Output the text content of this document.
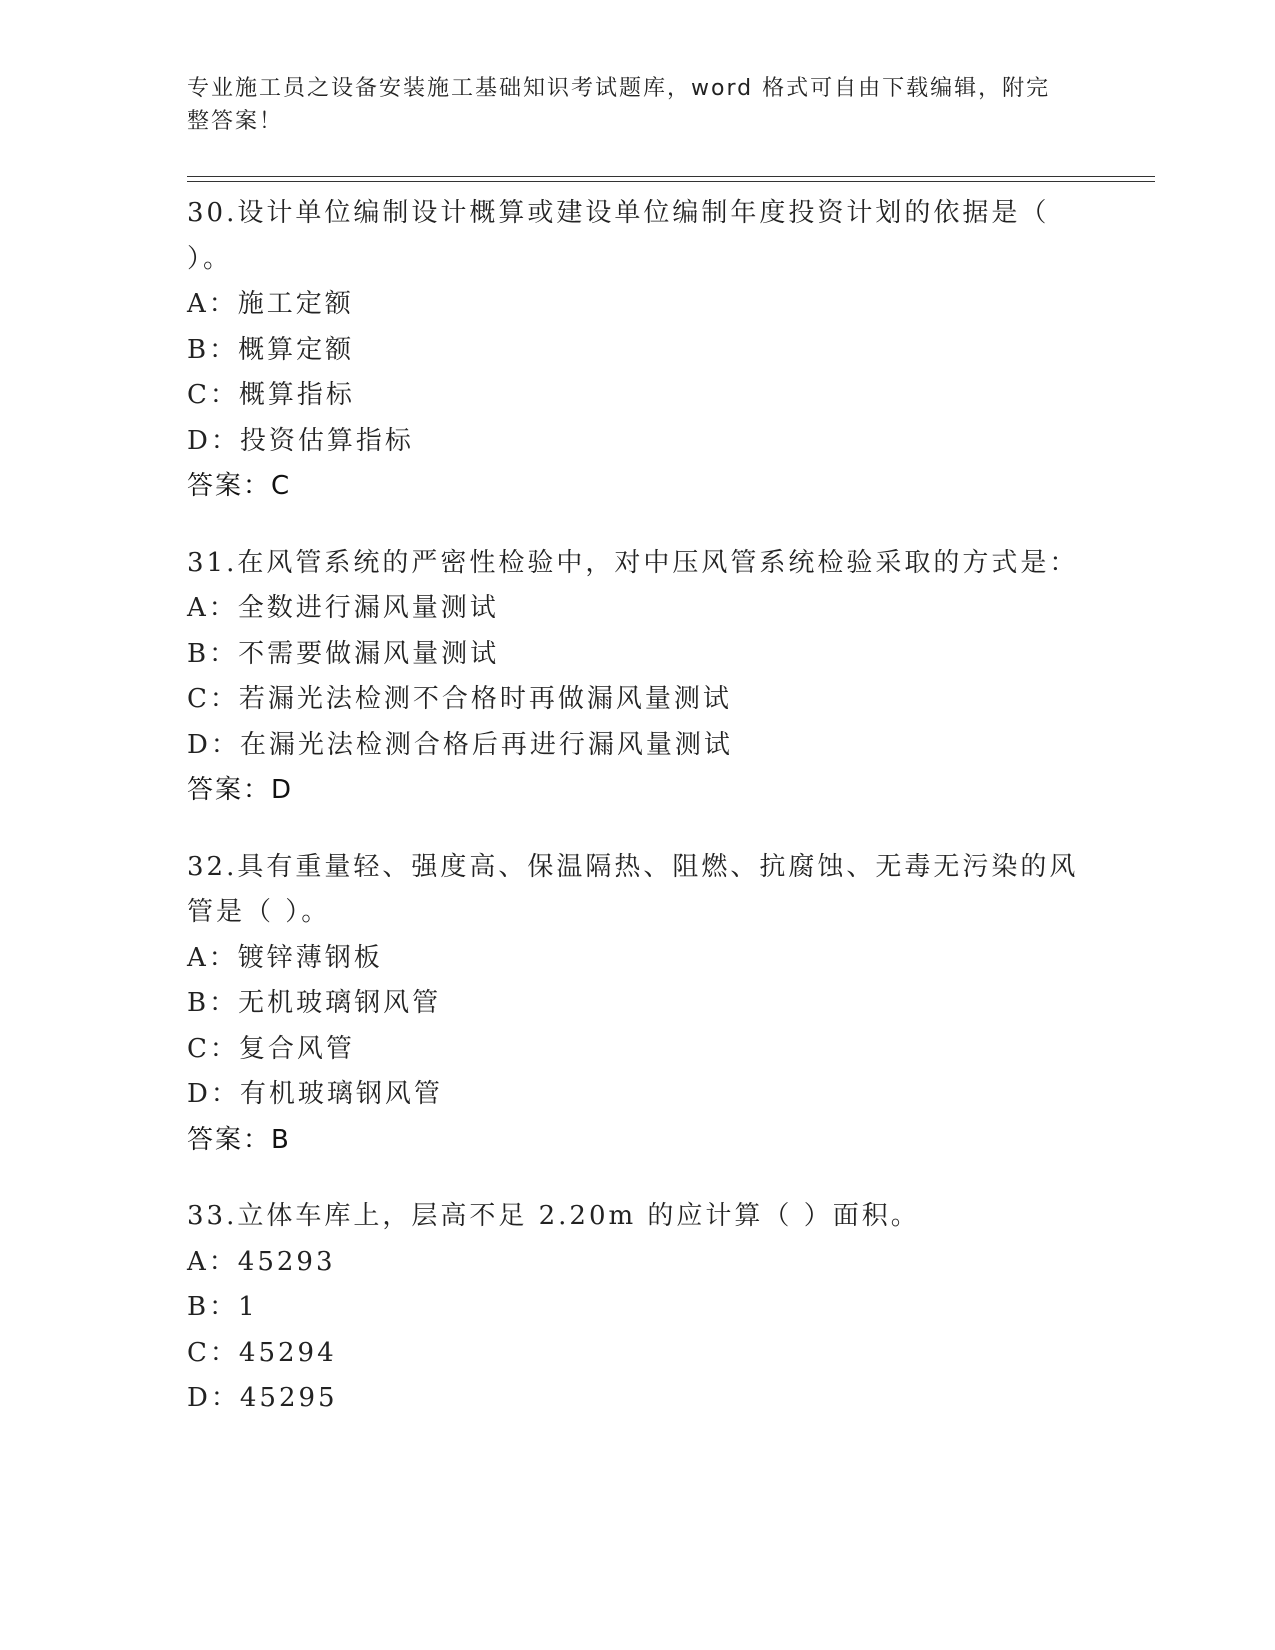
专业施工员之设备安装施工基础知识考试题库，word 格式可自由下载编辑，附完
整答案！
30.设计单位编制设计概算或建设单位编制年度投资计划的依据是（
）。
A：施工定额
B：概算定额
C：概算指标
D：投资估算指标
答案：C
31.在风管系统的严密性检验中，对中压风管系统检验采取的方式是：
A：全数进行漏风量测试
B：不需要做漏风量测试
C：若漏光法检测不合格时再做漏风量测试
D：在漏光法检测合格后再进行漏风量测试
答案：D
32.具有重量轻、强度高、保温隔热、阻燃、抗腐蚀、无毒无污染的风
管是（ ）。
A：镀锌薄钢板
B：无机玻璃钢风管
C：复合风管
D：有机玻璃钢风管
答案：B
33.立体车库上，层高不足 2.20m 的应计算（ ）面积。
A：45293
B：1
C：45294
D：45295
